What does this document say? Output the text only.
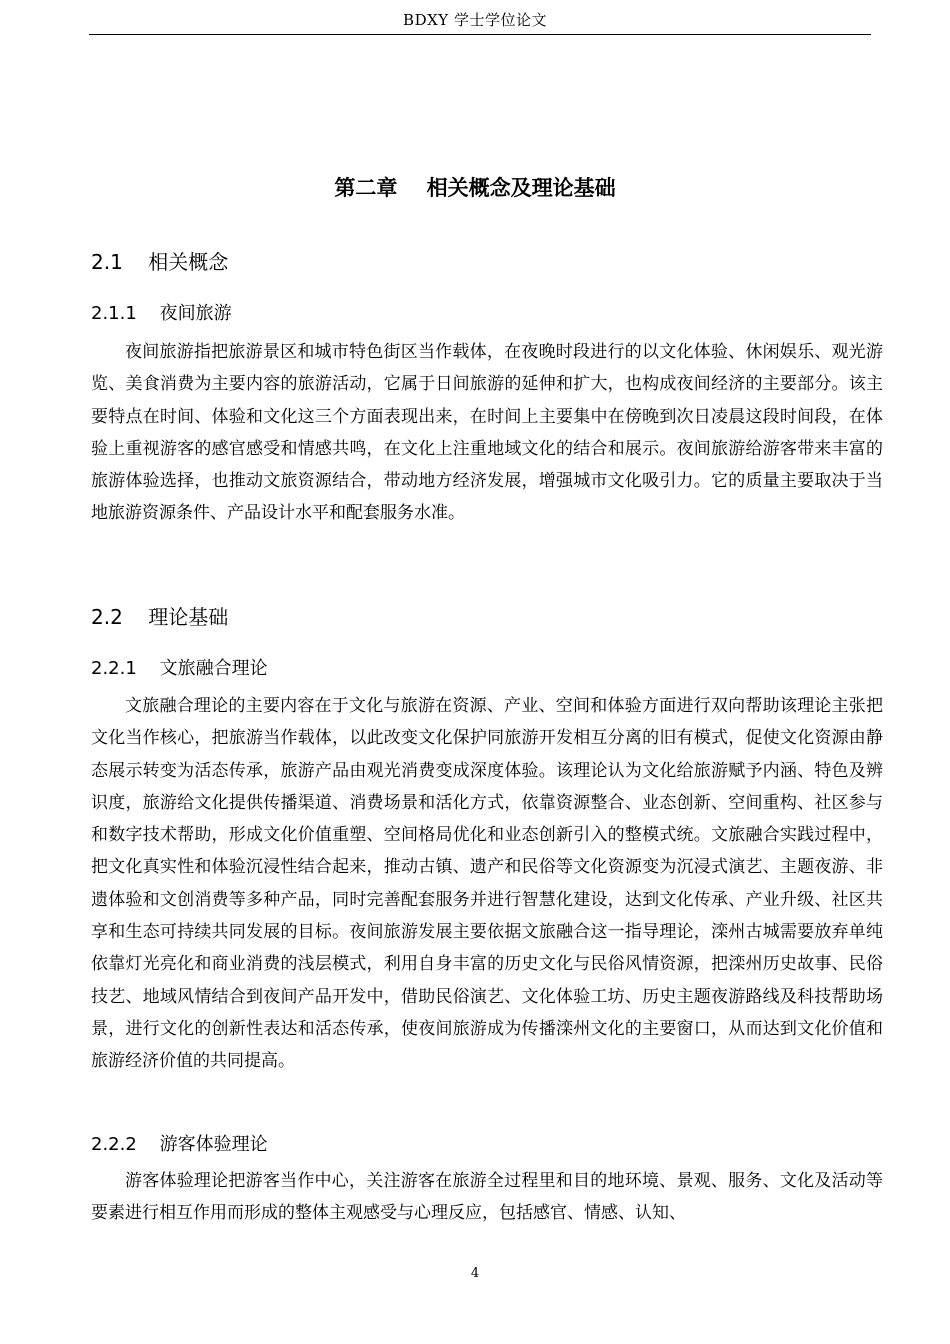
BDXY 学士学位论文
第二章    相关概念及理论基础
2.1    相关概念
2.1.1    夜间旅游
夜间旅游指把旅游景区和城市特色街区当作载体，在夜晚时段进行的以文化体验、休闲娱乐、观光游览、美食消费为主要内容的旅游活动，它属于日间旅游的延伸和扩大，也构成夜间经济的主要部分。该主要特点在时间、体验和文化这三个方面表现出来，在时间上主要集中在傍晚到次日凌晨这段时间段，在体验上重视游客的感官感受和情感共鸣，在文化上注重地域文化的结合和展示。夜间旅游给游客带来丰富的旅游体验选择，也推动文旅资源结合，带动地方经济发展，增强城市文化吸引力。它的质量主要取决于当地旅游资源条件、产品设计水平和配套服务水准。
2.2    理论基础
2.2.1    文旅融合理论
文旅融合理论的主要内容在于文化与旅游在资源、产业、空间和体验方面进行双向帮助该理论主张把文化当作核心，把旅游当作载体，以此改变文化保护同旅游开发相互分离的旧有模式，促使文化资源由静态展示转变为活态传承，旅游产品由观光消费变成深度体验。该理论认为文化给旅游赋予内涵、特色及辨识度，旅游给文化提供传播渠道、消费场景和活化方式，依靠资源整合、业态创新、空间重构、社区参与和数字技术帮助，形成文化价值重塑、空间格局优化和业态创新引入的整模式统。文旅融合实践过程中，把文化真实性和体验沉浸性结合起来，推动古镇、遗产和民俗等文化资源变为沉浸式演艺、主题夜游、非遗体验和文创消费等多种产品，同时完善配套服务并进行智慧化建设，达到文化传承、产业升级、社区共享和生态可持续共同发展的目标。夜间旅游发展主要依据文旅融合这一指导理论，滦州古城需要放弃单纯依靠灯光亮化和商业消费的浅层模式，利用自身丰富的历史文化与民俗风情资源，把滦州历史故事、民俗技艺、地域风情结合到夜间产品开发中，借助民俗演艺、文化体验工坊、历史主题夜游路线及科技帮助场景，进行文化的创新性表达和活态传承，使夜间旅游成为传播滦州文化的主要窗口，从而达到文化价值和旅游经济价值的共同提高。
2.2.2    游客体验理论
游客体验理论把游客当作中心，关注游客在旅游全过程里和目的地环境、景观、服务、文化及活动等要素进行相互作用而形成的整体主观感受与心理反应，包括感官、情感、认知、
4
